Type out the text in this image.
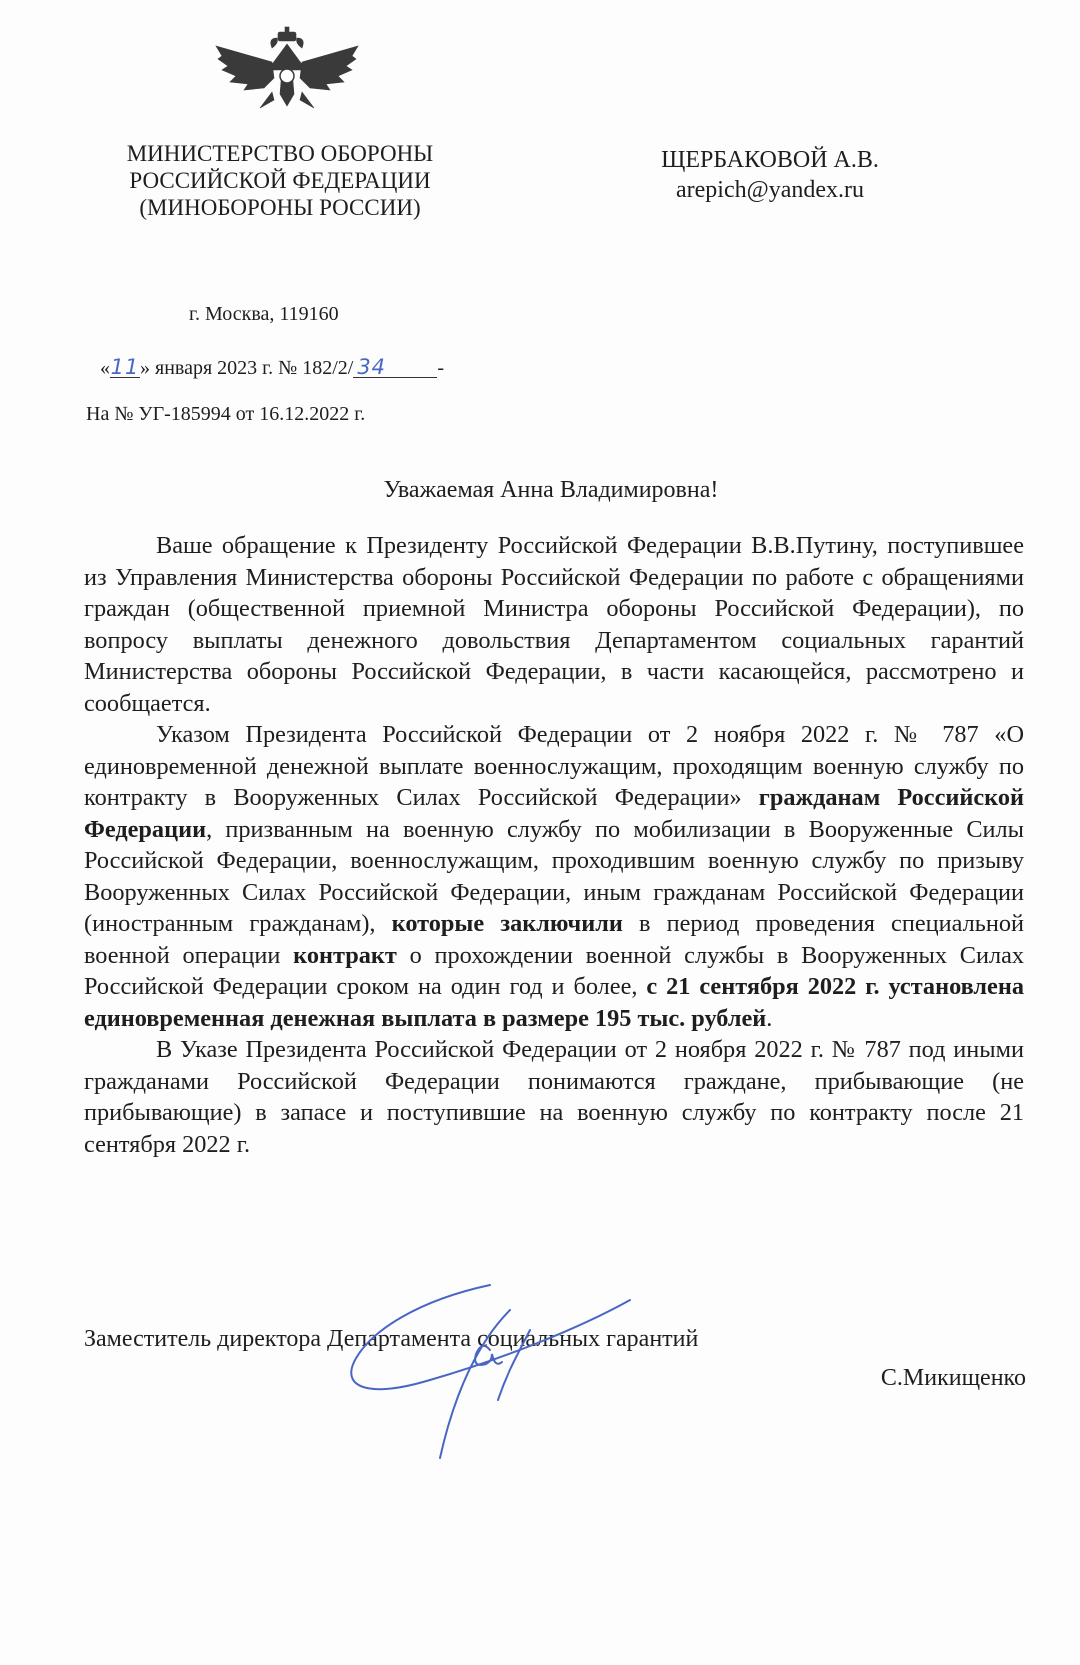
МИНИСТЕРСТВО ОБОРОНЫ
РОССИЙСКОЙ ФЕДЕРАЦИИ
(МИНОБОРОНЫ РОССИИ)
ЩЕРБАКОВОЙ А.В.
arepich@yandex.ru
г. Москва, 119160
«11» января 2023 г. № 182/2/ 34	-
На № УГ-185994 от 16.12.2022 г.
Уважаемая Анна Владимировна!

Ваше обращение к Президенту Российской Федерации В.В.Путину, поступившее из Управления Министерства обороны Российской Федерации по работе с обращениями граждан (общественной приемной Министра обороны Российской Федерации), по вопросу выплаты денежного довольствия Департаментом социальных гарантий Министерства обороны Российской Федерации, в части касающейся, рассмотрено и сообщается.

Указом Президента Российской Федерации от 2 ноября 2022 г. № 787 «О единовременной денежной выплате военнослужащим, проходящим военную службу по контракту в Вооруженных Силах Российской Федерации» гражданам Российской Федерации, призванным на военную службу по мобилизации в Вооруженные Силы Российской Федерации, военнослужащим, проходившим военную службу по призыву Вооруженных Силах Российской Федерации, иным гражданам Российской Федерации (иностранным гражданам), которые заключили в период проведения специальной военной операции контракт о прохождении военной службы в Вооруженных Силах Российской Федерации сроком на один год и более, с 21 сентября 2022 г. установлена единовременная денежная выплата в размере 195 тыс. рублей.

В Указе Президента Российской Федерации от 2 ноября 2022 г. № 787 под иными гражданами Российской Федерации понимаются граждане, прибывающие (не прибывающие) в запасе и поступившие на военную службу по контракту после 21 сентября 2022 г.

Заместитель директора Департамента социальных гарантий
С.Микищенко
